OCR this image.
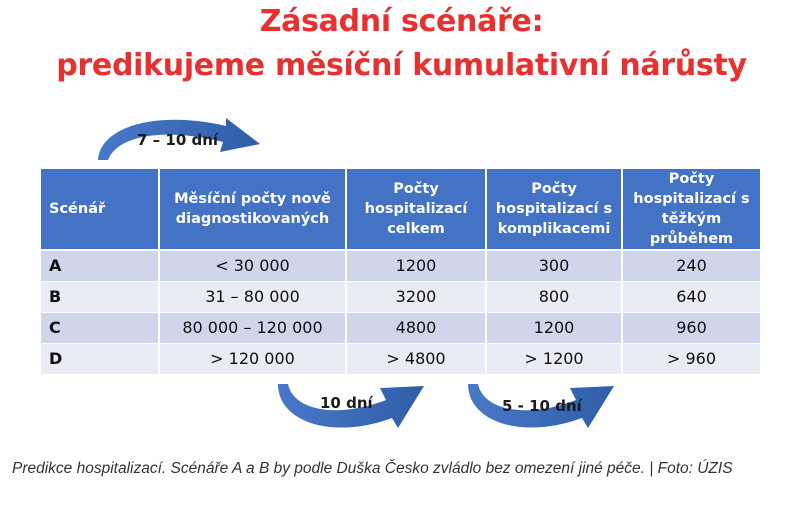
Zásadní scénáře:
predikujeme měsíční kumulativní nárůsty
7 – 10 dní
Scénář	Měsíční počty nově diagnostikovaných	Počty hospitalizací celkem	Počty hospitalizací s komplikacemi	Počty hospitalizací s těžkým průběhem
A	< 30 000	1200	300	240
B	31 – 80 000	3200	800	640
C	80 000 – 120 000	4800	1200	960
D	> 120 000	> 4800	> 1200	> 960
10 dní	5 - 10 dní
Predikce hospitalizací. Scénáře A a B by podle Duška Česko zvládlo bez omezení jiné péče. | Foto: ÚZIS
